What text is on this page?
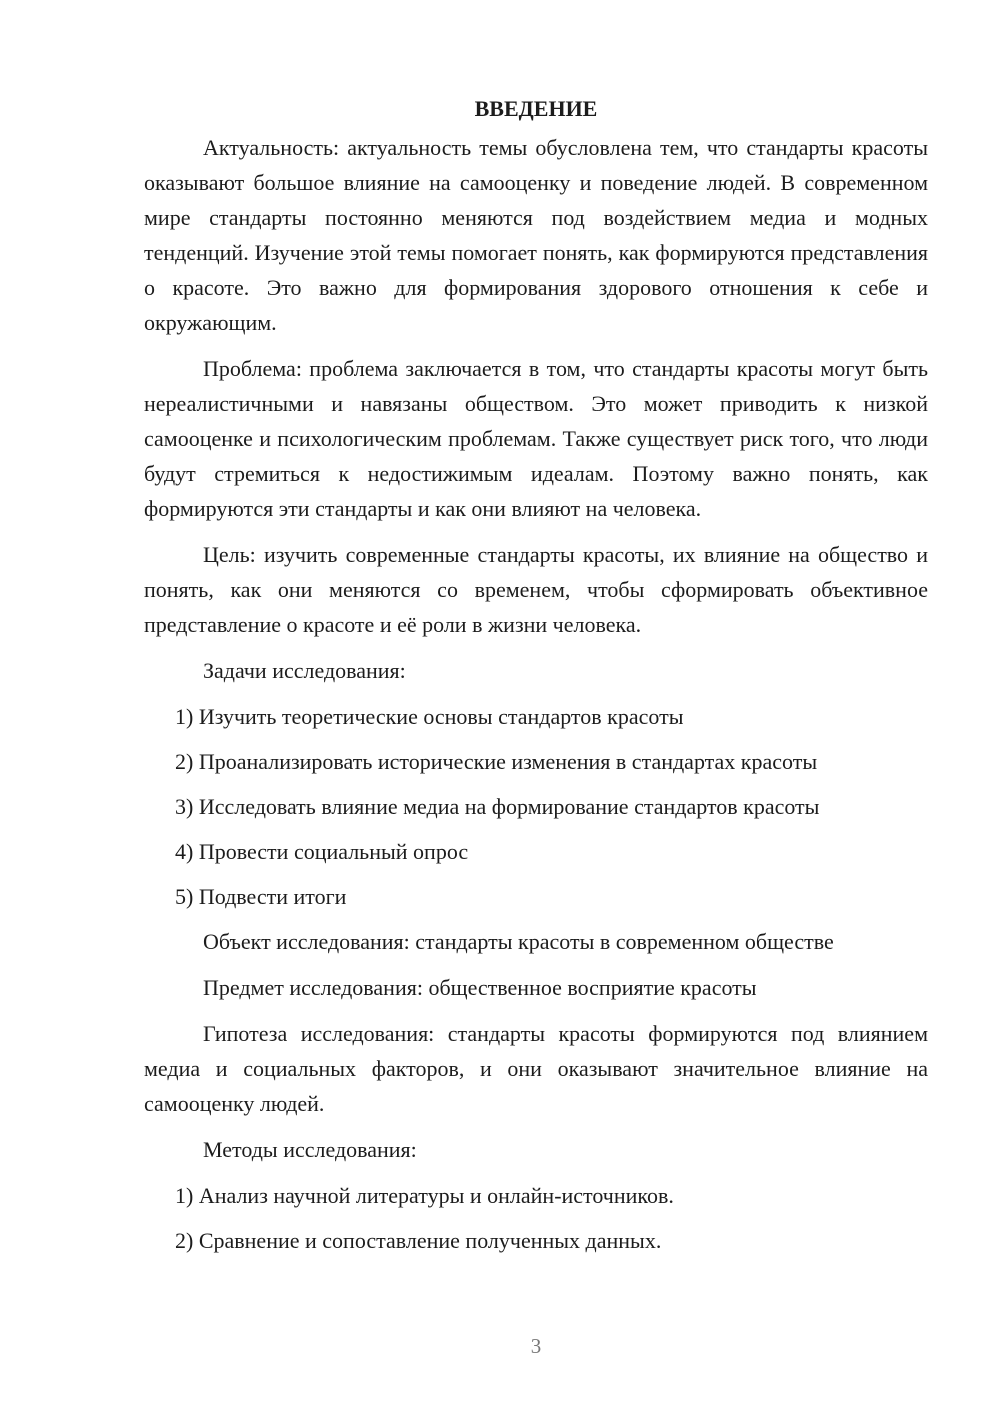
ВВЕДЕНИЕ

Актуальность: актуальность темы обусловлена тем, что стандарты красоты оказывают большое влияние на самооценку и поведение людей. В современном мире стандарты постоянно меняются под воздействием медиа и модных тенденций. Изучение этой темы помогает понять, как формируются представления о красоте. Это важно для формирования здорового отношения к себе и окружающим.

Проблема: проблема заключается в том, что стандарты красоты могут быть нереалистичными и навязаны обществом. Это может приводить к низкой самооценке и психологическим проблемам. Также существует риск того, что люди будут стремиться к недостижимым идеалам. Поэтому важно понять, как формируются эти стандарты и как они влияют на человека.

Цель: изучить современные стандарты красоты, их влияние на общество и понять, как они меняются со временем, чтобы сформировать объективное представление о красоте и её роли в жизни человека.

Задачи исследования:

1) Изучить теоретические основы стандартов красоты

2) Проанализировать исторические изменения в стандартах красоты

3) Исследовать влияние медиа на формирование стандартов красоты

4) Провести социальный опрос

5) Подвести итоги

Объект исследования: стандарты красоты в современном обществе

Предмет исследования: общественное восприятие красоты

Гипотеза исследования: стандарты красоты формируются под влиянием медиа и социальных факторов, и они оказывают значительное влияние на самооценку людей.

Методы исследования:

1) Анализ научной литературы и онлайн-источников.

2) Сравнение и сопоставление полученных данных.

3
